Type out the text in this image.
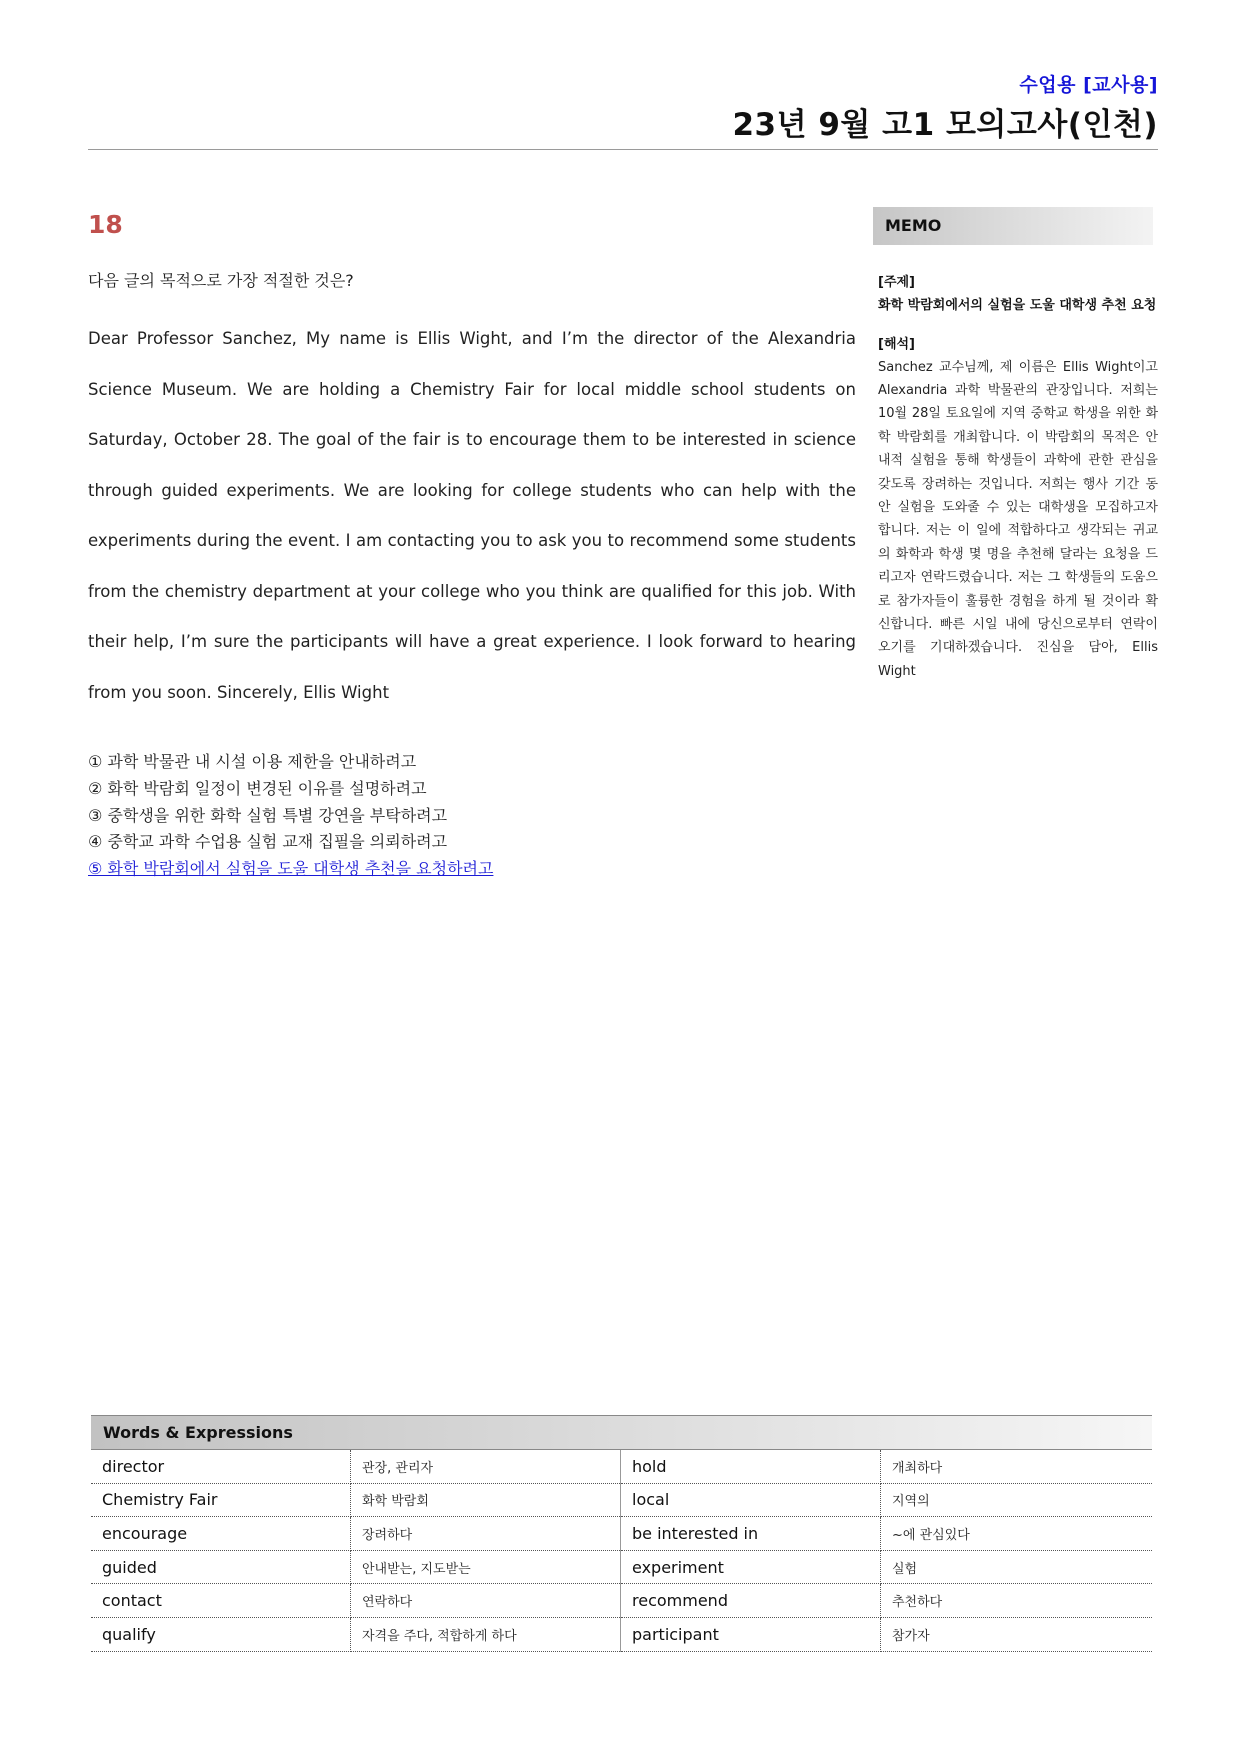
수업용 [교사용]
23년 9월 고1 모의고사(인천)
18

다음 글의 목적으로 가장 적절한 것은?

Dear Professor Sanchez, My name is Ellis Wight, and I’m the director of the Alexandria Science Museum. We are holding a Chemistry Fair for local middle school students on Saturday, October 28. The goal of the fair is to encourage them to be interested in science through guided experiments. We are looking for college students who can help with the experiments during the event. I am contacting you to ask you to recommend some students from the chemistry department at your college who you think are qualified for this job. With their help, I’m sure the participants will have a great experience. I look forward to hearing from you soon. Sincerely, Ellis Wight

① 과학 박물관 내 시설 이용 제한을 안내하려고
② 화학 박람회 일정이 변경된 이유를 설명하려고
③ 중학생을 위한 화학 실험 특별 강연을 부탁하려고
④ 중학교 과학 수업용 실험 교재 집필을 의뢰하려고
⑤ 화학 박람회에서 실험을 도울 대학생 추천을 요청하려고
MEMO
[주제]

화학 박람회에서의 실험을 도울 대학생 추천 요청

[해석]

Sanchez 교수님께, 제 이름은 Ellis Wight이고 Alexandria 과학 박물관의 관장입니다. 저희는 10월 28일 토요일에 지역 중학교 학생을 위한 화학 박람회를 개최합니다. 이 박람회의 목적은 안내적 실험을 통해 학생들이 과학에 관한 관심을 갖도록 장려하는 것입니다. 저희는 행사 기간 동안 실험을 도와줄 수 있는 대학생을 모집하고자 합니다. 저는 이 일에 적합하다고 생각되는 귀교의 화학과 학생 몇 명을 추천해 달라는 요청을 드리고자 연락드렸습니다. 저는 그 학생들의 도움으로 참가자들이 훌륭한 경험을 하게 될 것이라 확신합니다. 빠른 시일 내에 당신으로부터 연락이 오기를 기대하겠습니다. 진심을 담아, Ellis Wight

Words & Expressions
director	관장, 관리자	hold	개최하다
Chemistry Fair	화학 박람회	local	지역의
encourage	장려하다	be interested in	~에 관심있다
guided	안내받는, 지도받는	experiment	실험
contact	연락하다	recommend	추천하다
qualify	자격을 주다, 적합하게 하다	participant	참가자
